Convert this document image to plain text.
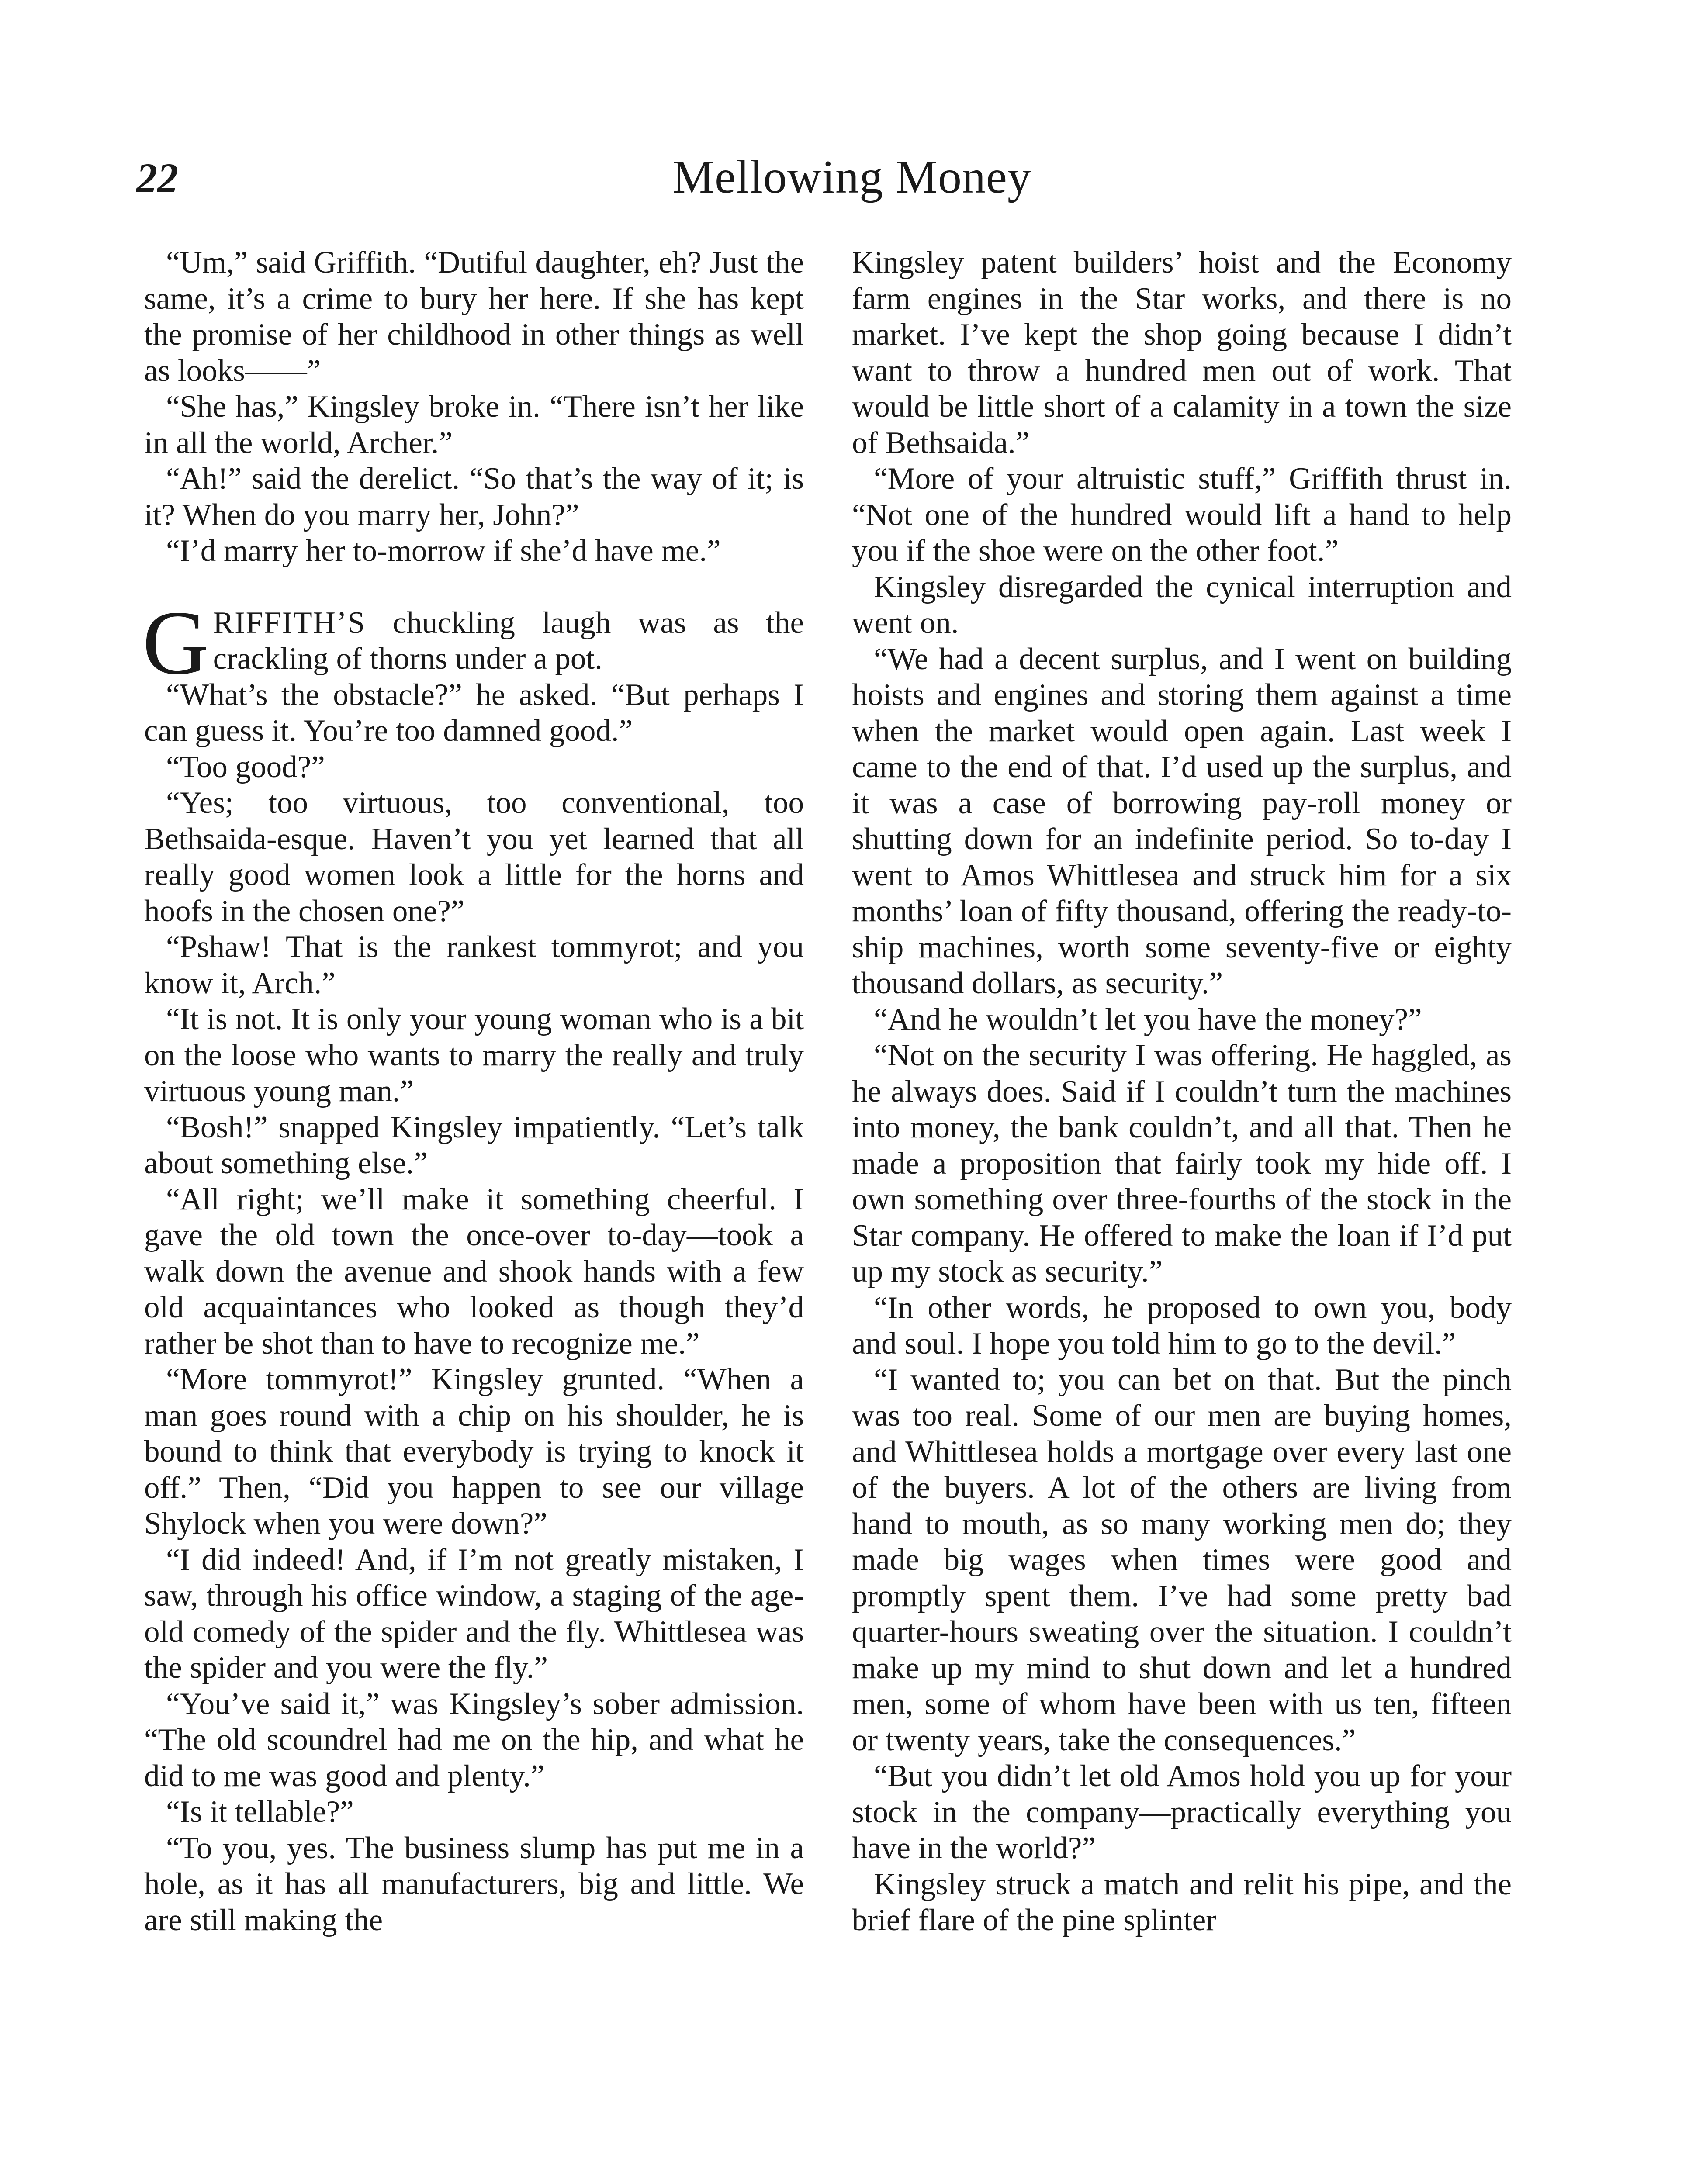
22	Mellowing Money

“Um,” said Griffith. “Dutiful daughter, eh? Just the same, it’s a crime to bury her here. If she has kept the promise of her childhood in other things as well as looks——”

“She has,” Kingsley broke in. “There isn’t her like in all the world, Archer.”

“Ah!” said the derelict. “So that’s the way of it; is it? When do you marry her, John?”

“I’d marry her to-morrow if she’d have me.”

GRIFFITH’S chuckling laugh was as the crackling of thorns under a pot.

“What’s the obstacle?” he asked. “But perhaps I can guess it. You’re too damned good.”

“Too good?”

“Yes; too virtuous, too conventional, too Bethsaida-esque. Haven’t you yet learned that all really good women look a little for the horns and hoofs in the chosen one?”

“Pshaw! That is the rankest tommyrot; and you know it, Arch.”

“It is not. It is only your young woman who is a bit on the loose who wants to marry the really and truly virtuous young man.”

“Bosh!” snapped Kingsley impatiently. “Let’s talk about something else.”

“All right; we’ll make it something cheerful. I gave the old town the once-over to-day—took a walk down the avenue and shook hands with a few old acquaintances who looked as though they’d rather be shot than to have to recognize me.”

“More tommyrot!” Kingsley grunted. “When a man goes round with a chip on his shoulder, he is bound to think that everybody is trying to knock it off.” Then, “Did you happen to see our village Shylock when you were down?”

“I did indeed! And, if I’m not greatly mistaken, I saw, through his office window, a staging of the age-old comedy of the spider and the fly. Whittlesea was the spider and you were the fly.”

“You’ve said it,” was Kingsley’s sober admission. “The old scoundrel had me on the hip, and what he did to me was good and plenty.”

“Is it tellable?”

“To you, yes. The business slump has put me in a hole, as it has all manufacturers, big and little. We are still making the

Kingsley patent builders’ hoist and the Economy farm engines in the Star works, and there is no market. I’ve kept the shop going because I didn’t want to throw a hundred men out of work. That would be little short of a calamity in a town the size of Bethsaida.”

“More of your altruistic stuff,” Griffith thrust in. “Not one of the hundred would lift a hand to help you if the shoe were on the other foot.”

Kingsley disregarded the cynical interruption and went on.

“We had a decent surplus, and I went on building hoists and engines and storing them against a time when the market would open again. Last week I came to the end of that. I’d used up the surplus, and it was a case of borrowing pay-roll money or shutting down for an indefinite period. So to-day I went to Amos Whittlesea and struck him for a six months’ loan of fifty thousand, offering the ready-to-ship machines, worth some seventy-five or eighty thousand dollars, as security.”

“And he wouldn’t let you have the money?”

“Not on the security I was offering. He haggled, as he always does. Said if I couldn’t turn the machines into money, the bank couldn’t, and all that. Then he made a proposition that fairly took my hide off. I own something over three-fourths of the stock in the Star company. He offered to make the loan if I’d put up my stock as security.”

“In other words, he proposed to own you, body and soul. I hope you told him to go to the devil.”

“I wanted to; you can bet on that. But the pinch was too real. Some of our men are buying homes, and Whittlesea holds a mortgage over every last one of the buyers. A lot of the others are living from hand to mouth, as so many working men do; they made big wages when times were good and promptly spent them. I’ve had some pretty bad quarter-hours sweating over the situation. I couldn’t make up my mind to shut down and let a hundred men, some of whom have been with us ten, fifteen or twenty years, take the consequences.”

“But you didn’t let old Amos hold you up for your stock in the company—practically everything you have in the world?”

Kingsley struck a match and relit his pipe, and the brief flare of the pine splinter
